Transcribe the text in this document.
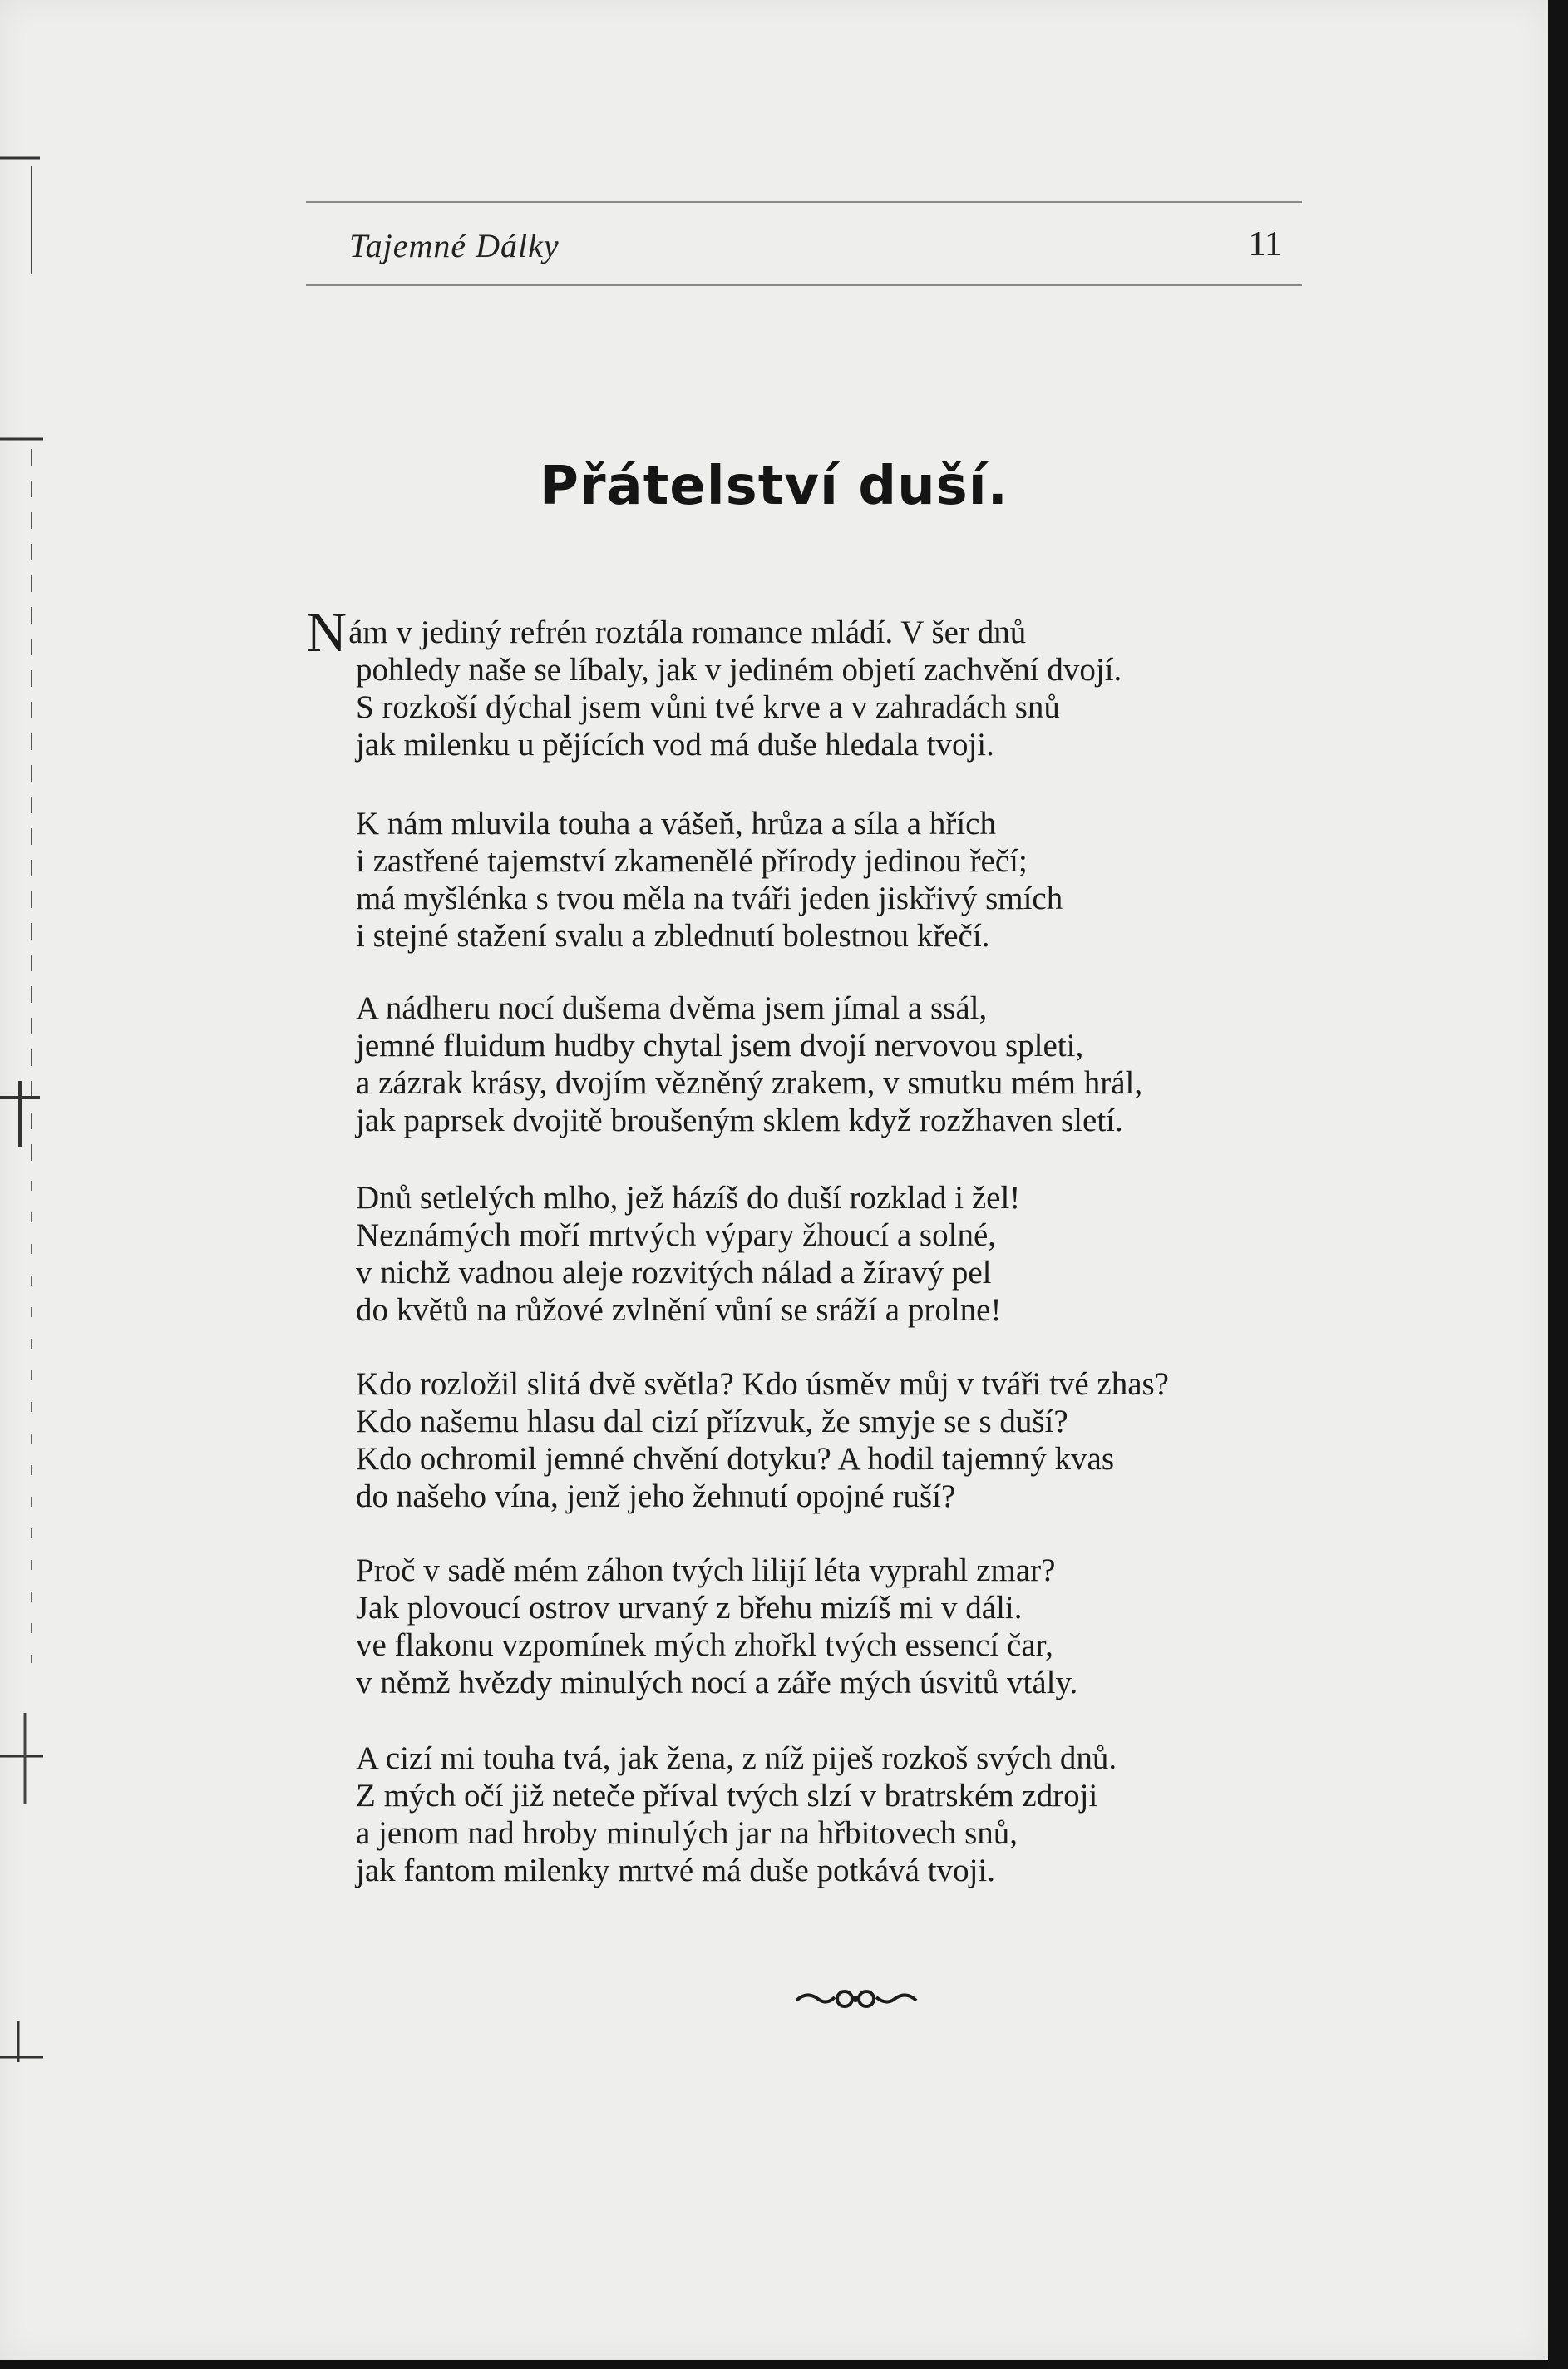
Tajemné Dálky	11
Přátelství duší.
Nám v jediný refrén roztála romance mládí. V šer dnů
pohledy naše se líbaly, jak v jediném objetí zachvění dvojí.
S rozkoší dýchal jsem vůni tvé krve a v zahradách snů
jak milenku u pějících vod má duše hledala tvoji.
K nám mluvila touha a vášeň, hrůza a síla a hřích
i zastřené tajemství zkamenělé přírody jedinou řečí;
má myšlénka s tvou měla na tváři jeden jiskřivý smích
i stejné stažení svalu a zblednutí bolestnou křečí.
A nádheru nocí dušema dvěma jsem jímal a ssál,
jemné fluidum hudby chytal jsem dvojí nervovou spleti,
a zázrak krásy, dvojím vězněný zrakem, v smutku mém hrál,
jak paprsek dvojitě broušeným sklem když rozžhaven sletí.
Dnů setlelých mlho, jež házíš do duší rozklad i žel!
Neznámých moří mrtvých výpary žhoucí a solné,
v nichž vadnou aleje rozvitých nálad a žíravý pel
do květů na růžové zvlnění vůní se sráží a prolne!
Kdo rozložil slitá dvě světla? Kdo úsměv můj v tváři tvé zhas?
Kdo našemu hlasu dal cizí přízvuk, že smyje se s duší?
Kdo ochromil jemné chvění dotyku? A hodil tajemný kvas
do našeho vína, jenž jeho žehnutí opojné ruší?
Proč v sadě mém záhon tvých lilijí léta vyprahl zmar?
Jak plovoucí ostrov urvaný z břehu mizíš mi v dáli.
ve flakonu vzpomínek mých zhořkl tvých essencí čar,
v němž hvězdy minulých nocí a záře mých úsvitů vtály.
A cizí mi touha tvá, jak žena, z níž piješ rozkoš svých dnů.
Z mých očí již neteče příval tvých slzí v bratrském zdroji
a jenom nad hroby minulých jar na hřbitovech snů,
jak fantom milenky mrtvé má duše potkává tvoji.
